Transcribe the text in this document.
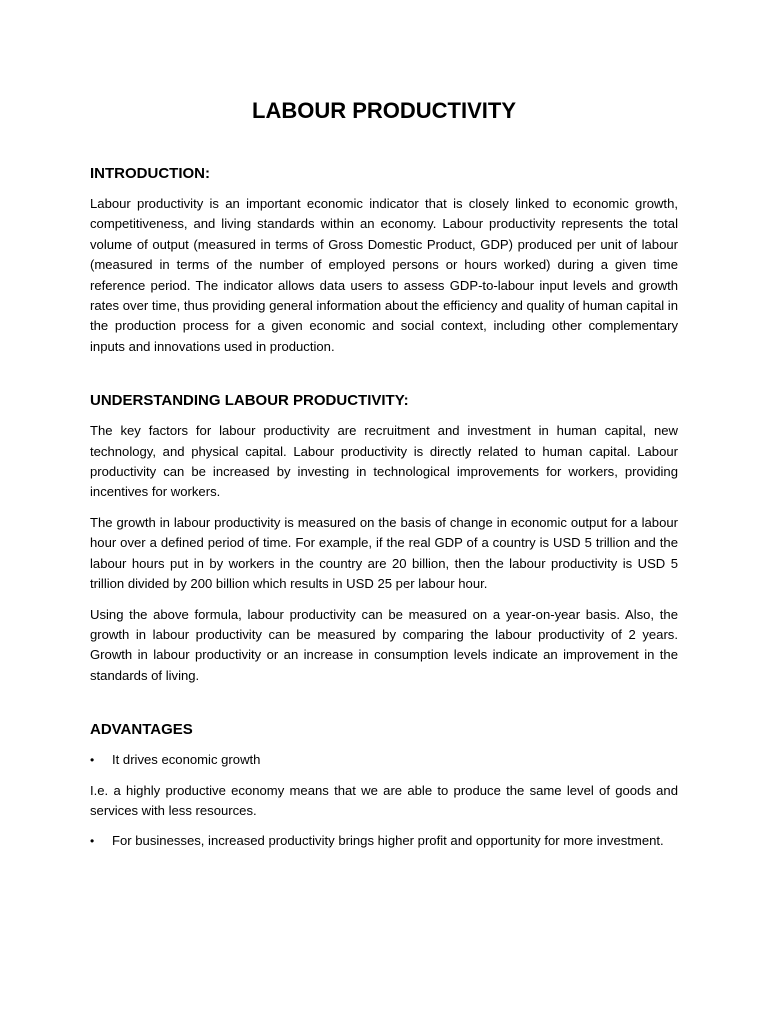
LABOUR PRODUCTIVITY
INTRODUCTION:

Labour productivity is an important economic indicator that is closely linked to economic growth, competitiveness, and living standards within an economy. Labour productivity represents the total volume of output (measured in terms of Gross Domestic Product, GDP) produced per unit of labour (measured in terms of the number of employed persons or hours worked) during a given time reference period. The indicator allows data users to assess GDP-to-labour input levels and growth rates over time, thus providing general information about the efficiency and quality of human capital in the production process for a given economic and social context, including other complementary inputs and innovations used in production.

UNDERSTANDING LABOUR PRODUCTIVITY:

The key factors for labour productivity are recruitment and investment in human capital, new technology, and physical capital. Labour productivity is directly related to human capital. Labour productivity can be increased by investing in technological improvements for workers, providing incentives for workers.

The growth in labour productivity is measured on the basis of change in economic output for a labour hour over a defined period of time. For example, if the real GDP of a country is USD 5 trillion and the labour hours put in by workers in the country are 20 billion, then the labour productivity is USD 5 trillion divided by 200 billion which results in USD 25 per labour hour.

Using the above formula, labour productivity can be measured on a year-on-year basis. Also, the growth in labour productivity can be measured by comparing the labour productivity of 2 years. Growth in labour productivity or an increase in consumption levels indicate an improvement in the standards of living.

ADVANTAGES
•	It drives economic growth

I.e. a highly productive economy means that we are able to produce the same level of goods and services with less resources.

•	For businesses, increased productivity brings higher profit and opportunity for more investment.
